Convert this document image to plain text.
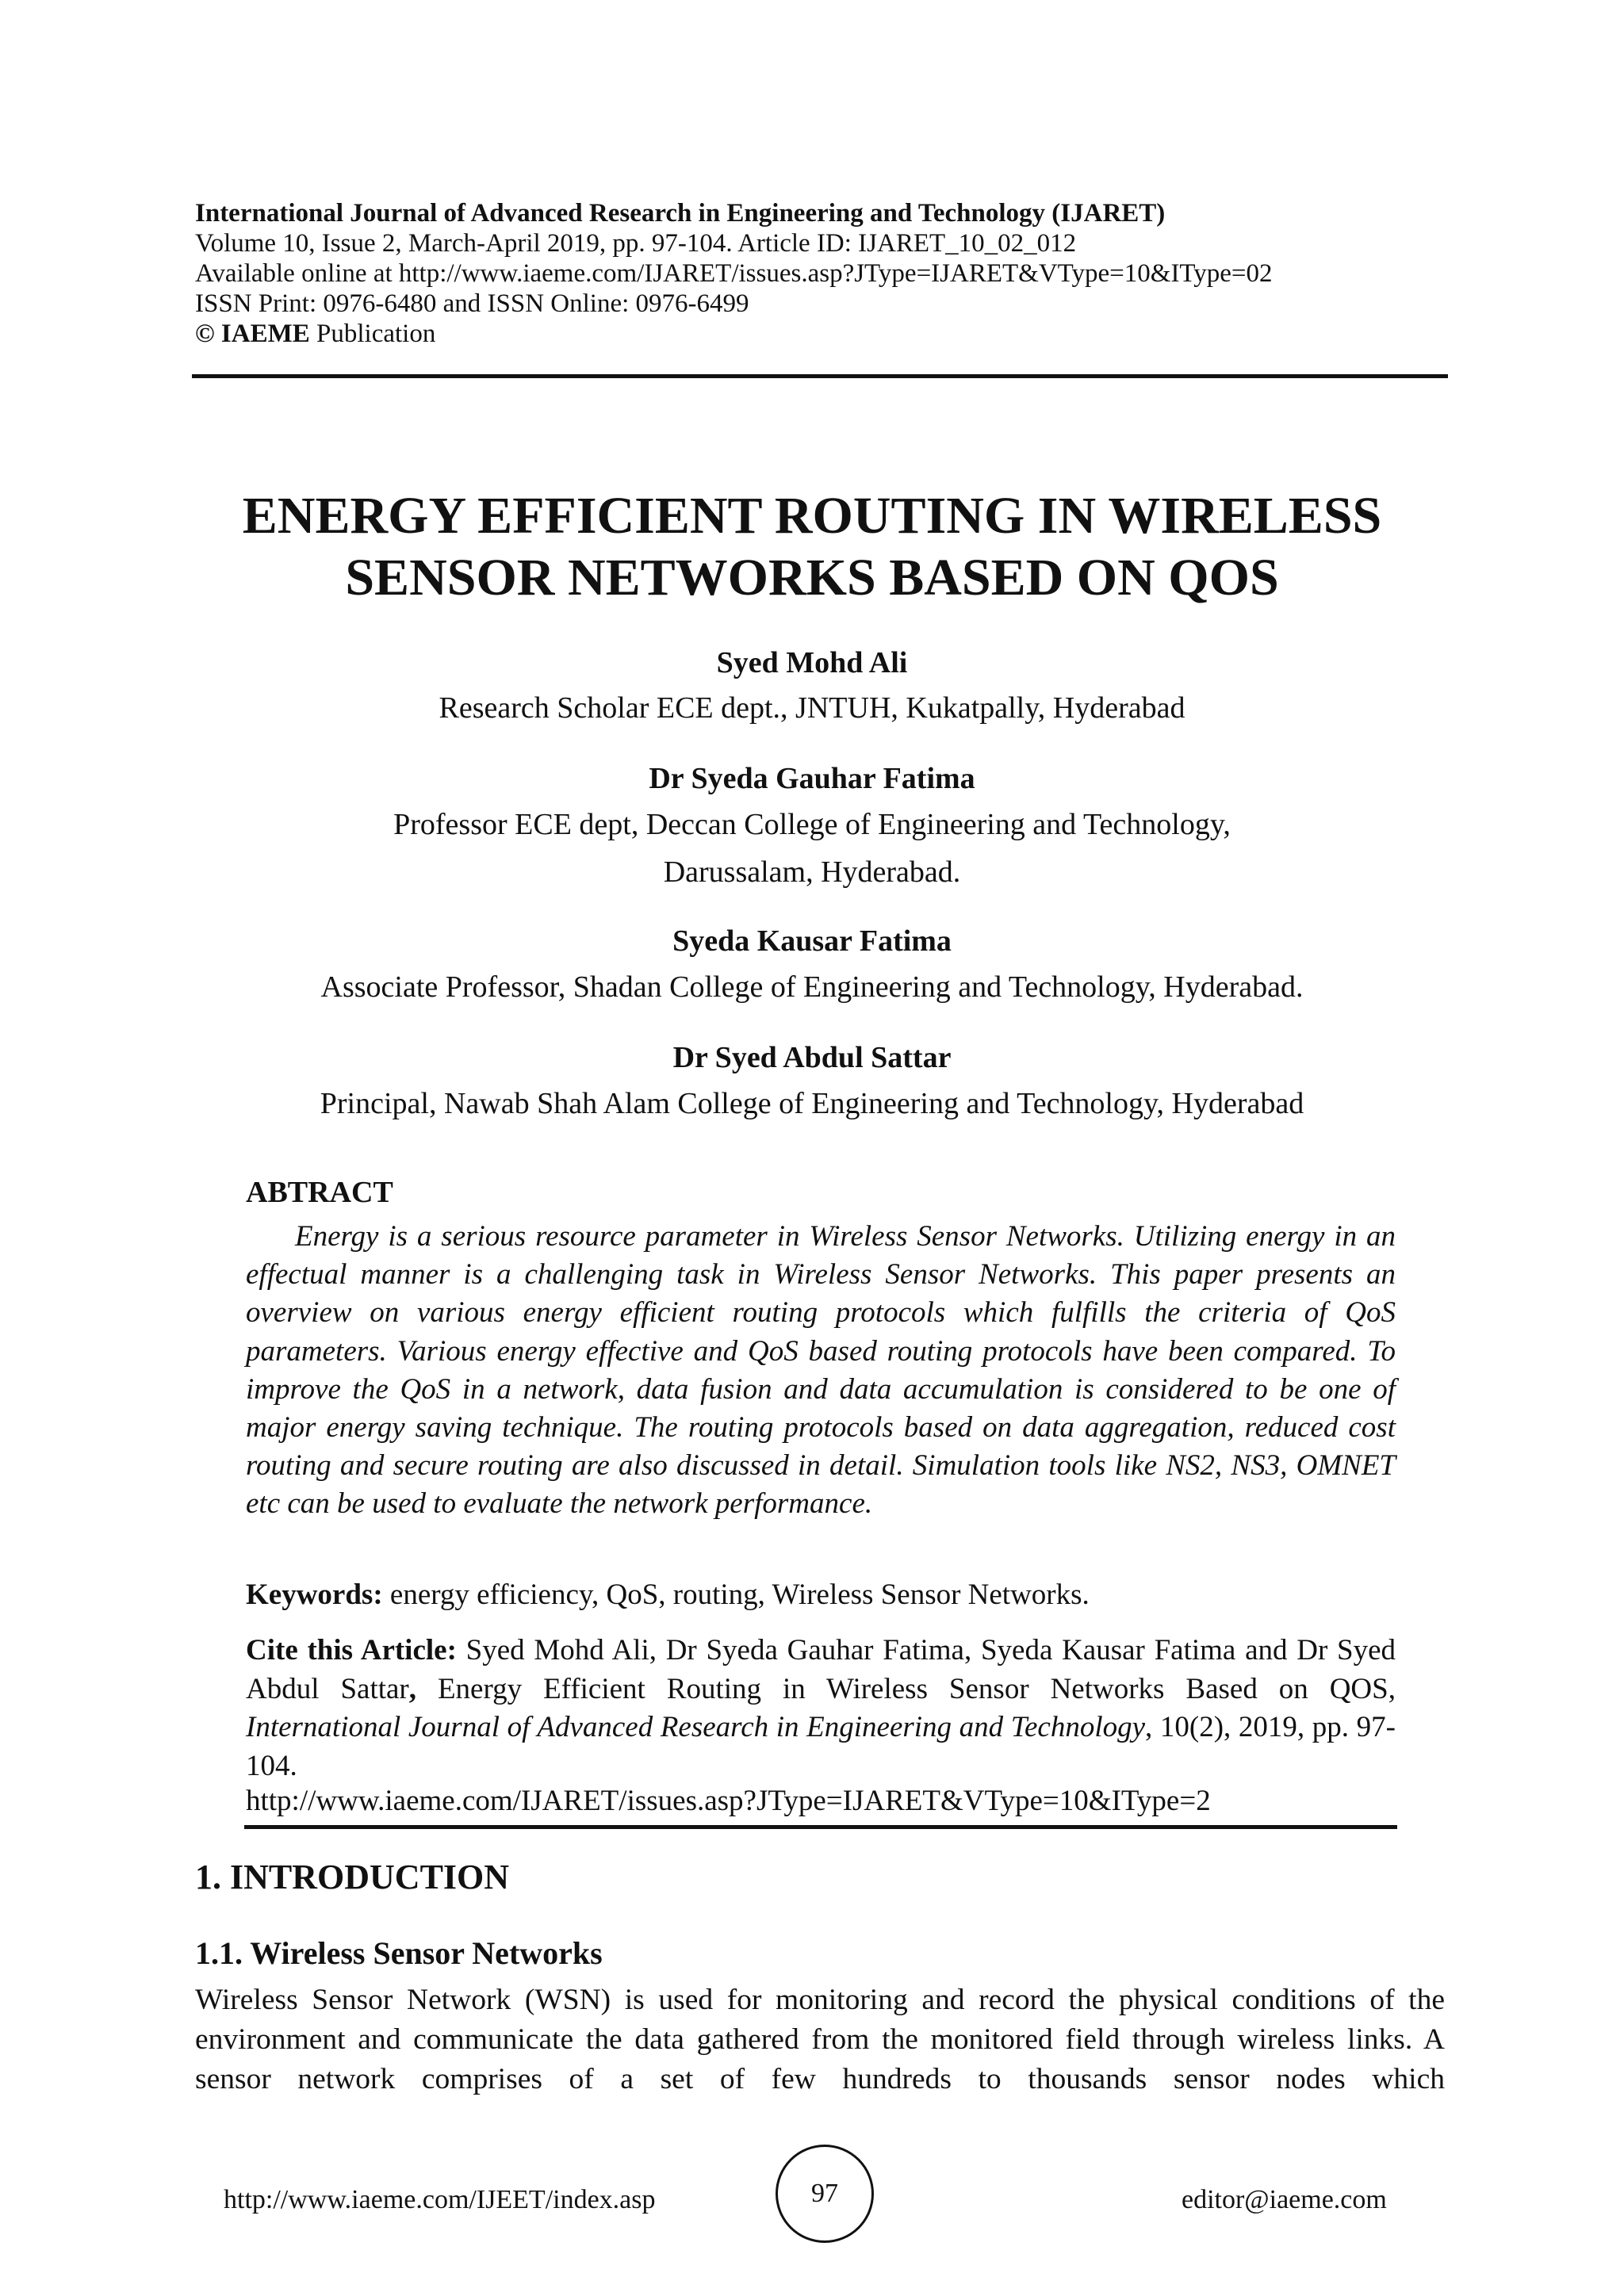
International Journal of Advanced Research in Engineering and Technology (IJARET)
Volume 10, Issue 2, March-April 2019, pp. 97-104. Article ID: IJARET_10_02_012
Available online at http://www.iaeme.com/IJARET/issues.asp?JType=IJARET&VType=10&IType=02
ISSN Print: 0976-6480 and ISSN Online: 0976-6499
© IAEME Publication
ENERGY EFFICIENT ROUTING IN WIRELESS
SENSOR NETWORKS BASED ON QOS
Syed Mohd Ali
Research Scholar ECE dept., JNTUH, Kukatpally, Hyderabad
Dr Syeda Gauhar Fatima
Professor ECE dept, Deccan College of Engineering and Technology,
Darussalam, Hyderabad.
Syeda Kausar Fatima
Associate Professor, Shadan College of Engineering and Technology, Hyderabad.
Dr Syed Abdul Sattar
Principal, Nawab Shah Alam College of Engineering and Technology, Hyderabad
ABTRACT
Energy is a serious resource parameter in Wireless Sensor Networks. Utilizing energy in an effectual manner is a challenging task in Wireless Sensor Networks. This paper presents an overview on various energy efficient routing protocols which fulfills the criteria of QoS parameters. Various energy effective and QoS based routing protocols have been compared. To improve the QoS in a network, data fusion and data accumulation is considered to be one of major energy saving technique. The routing protocols based on data aggregation, reduced cost routing and secure routing are also discussed in detail. Simulation tools like NS2, NS3, OMNET etc can be used to evaluate the network performance.
Keywords: energy efficiency, QoS, routing, Wireless Sensor Networks.
Cite this Article: Syed Mohd Ali, Dr Syeda Gauhar Fatima, Syeda Kausar Fatima and Dr Syed Abdul Sattar, Energy Efficient Routing in Wireless Sensor Networks Based on QOS, International Journal of Advanced Research in Engineering and Technology, 10(2), 2019, pp. 97-104.
http://www.iaeme.com/IJARET/issues.asp?JType=IJARET&VType=10&IType=2
1. INTRODUCTION
1.1. Wireless Sensor Networks
Wireless Sensor Network (WSN) is used for monitoring and record the physical conditions of the environment and communicate the data gathered from the monitored field through wireless links. A sensor network comprises of a set of few hundreds to thousands sensor nodes which
http://www.iaeme.com/IJEET/index.asp	97	editor@iaeme.com
